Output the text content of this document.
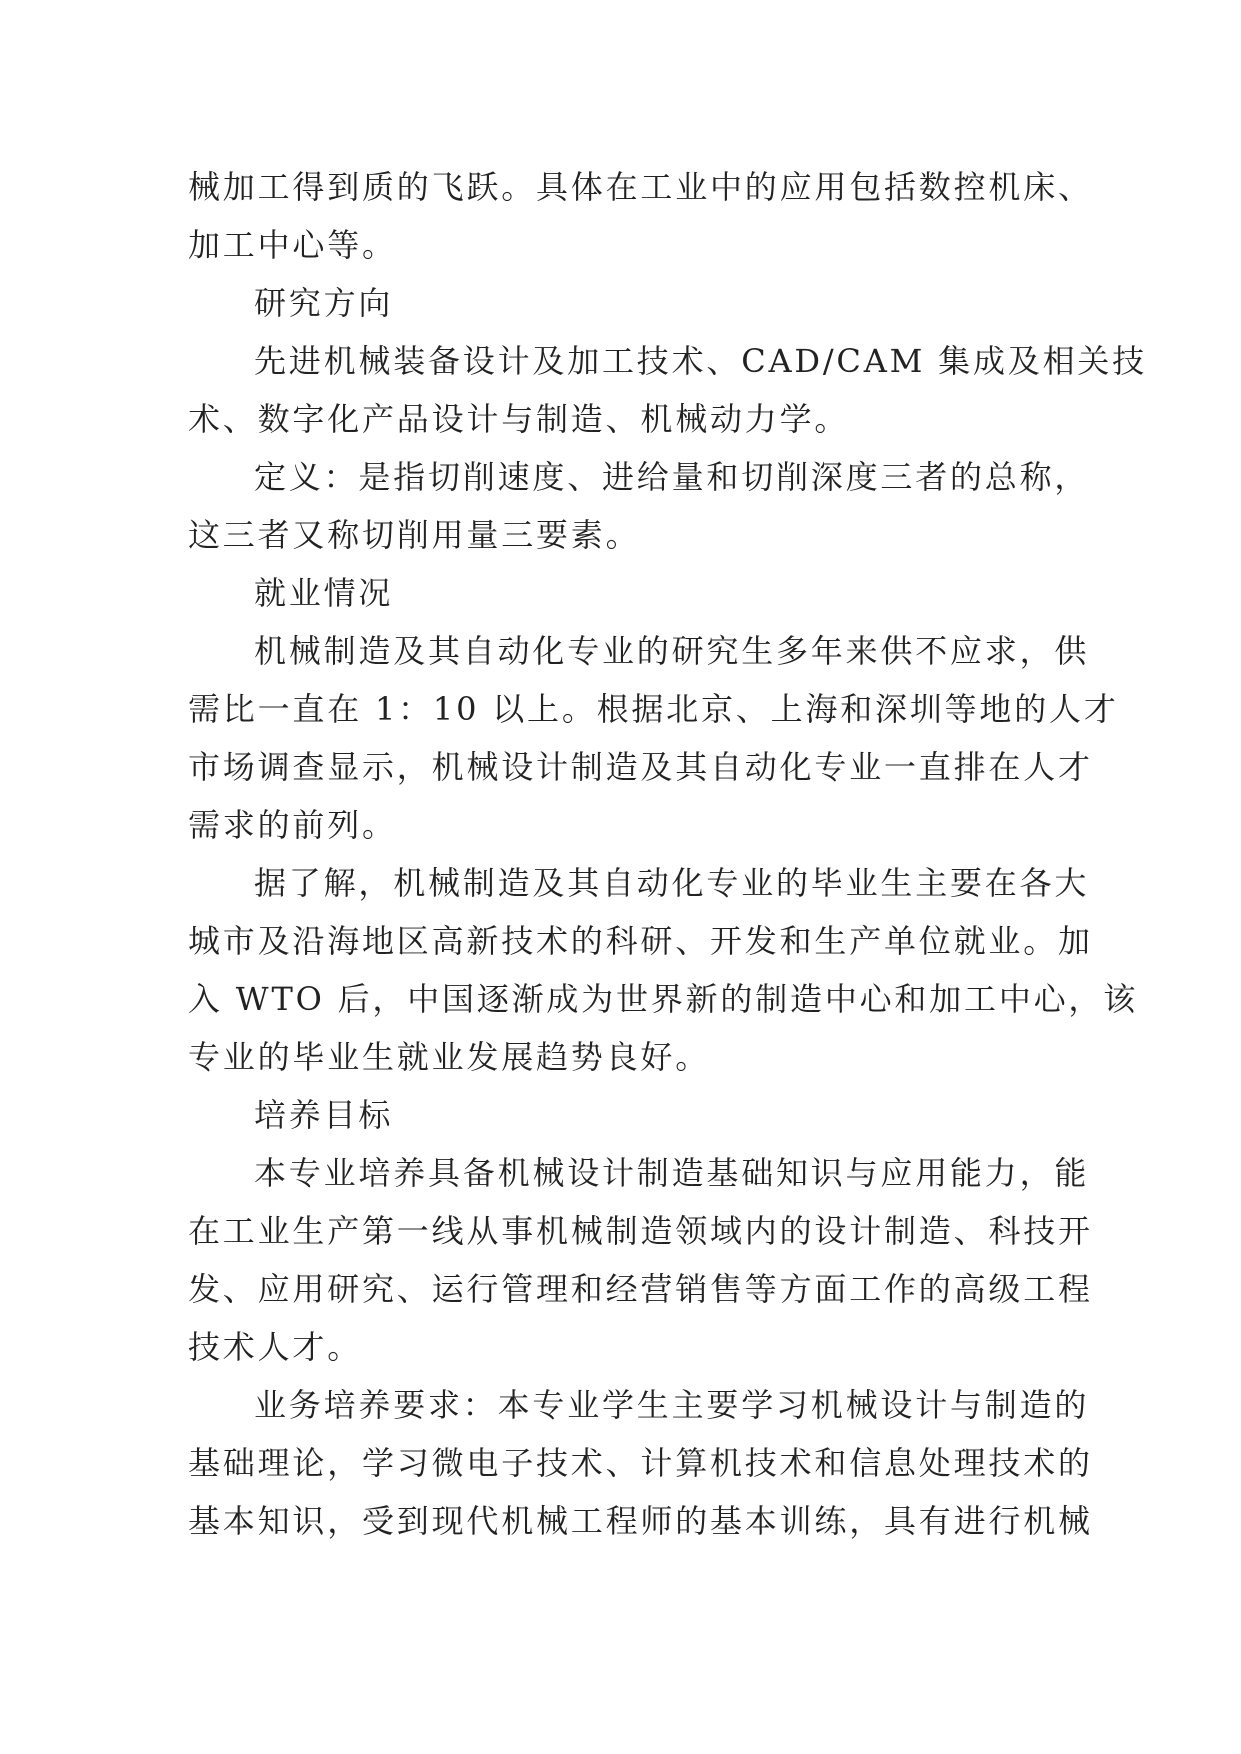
械加工得到质的飞跃。具体在工业中的应用包括数控机床、
加工中心等。
研究方向
先进机械装备设计及加工技术、CAD/CAM 集成及相关技
术、数字化产品设计与制造、机械动力学。
定义：是指切削速度、进给量和切削深度三者的总称，
这三者又称切削用量三要素。
就业情况
机械制造及其自动化专业的研究生多年来供不应求，供
需比一直在 1：10 以上。根据北京、上海和深圳等地的人才
市场调查显示，机械设计制造及其自动化专业一直排在人才
需求的前列。
据了解，机械制造及其自动化专业的毕业生主要在各大
城市及沿海地区高新技术的科研、开发和生产单位就业。加
入 WTO 后，中国逐渐成为世界新的制造中心和加工中心，该
专业的毕业生就业发展趋势良好。
培养目标
本专业培养具备机械设计制造基础知识与应用能力，能
在工业生产第一线从事机械制造领域内的设计制造、科技开
发、应用研究、运行管理和经营销售等方面工作的高级工程
技术人才。
业务培养要求：本专业学生主要学习机械设计与制造的
基础理论，学习微电子技术、计算机技术和信息处理技术的
基本知识，受到现代机械工程师的基本训练，具有进行机械
